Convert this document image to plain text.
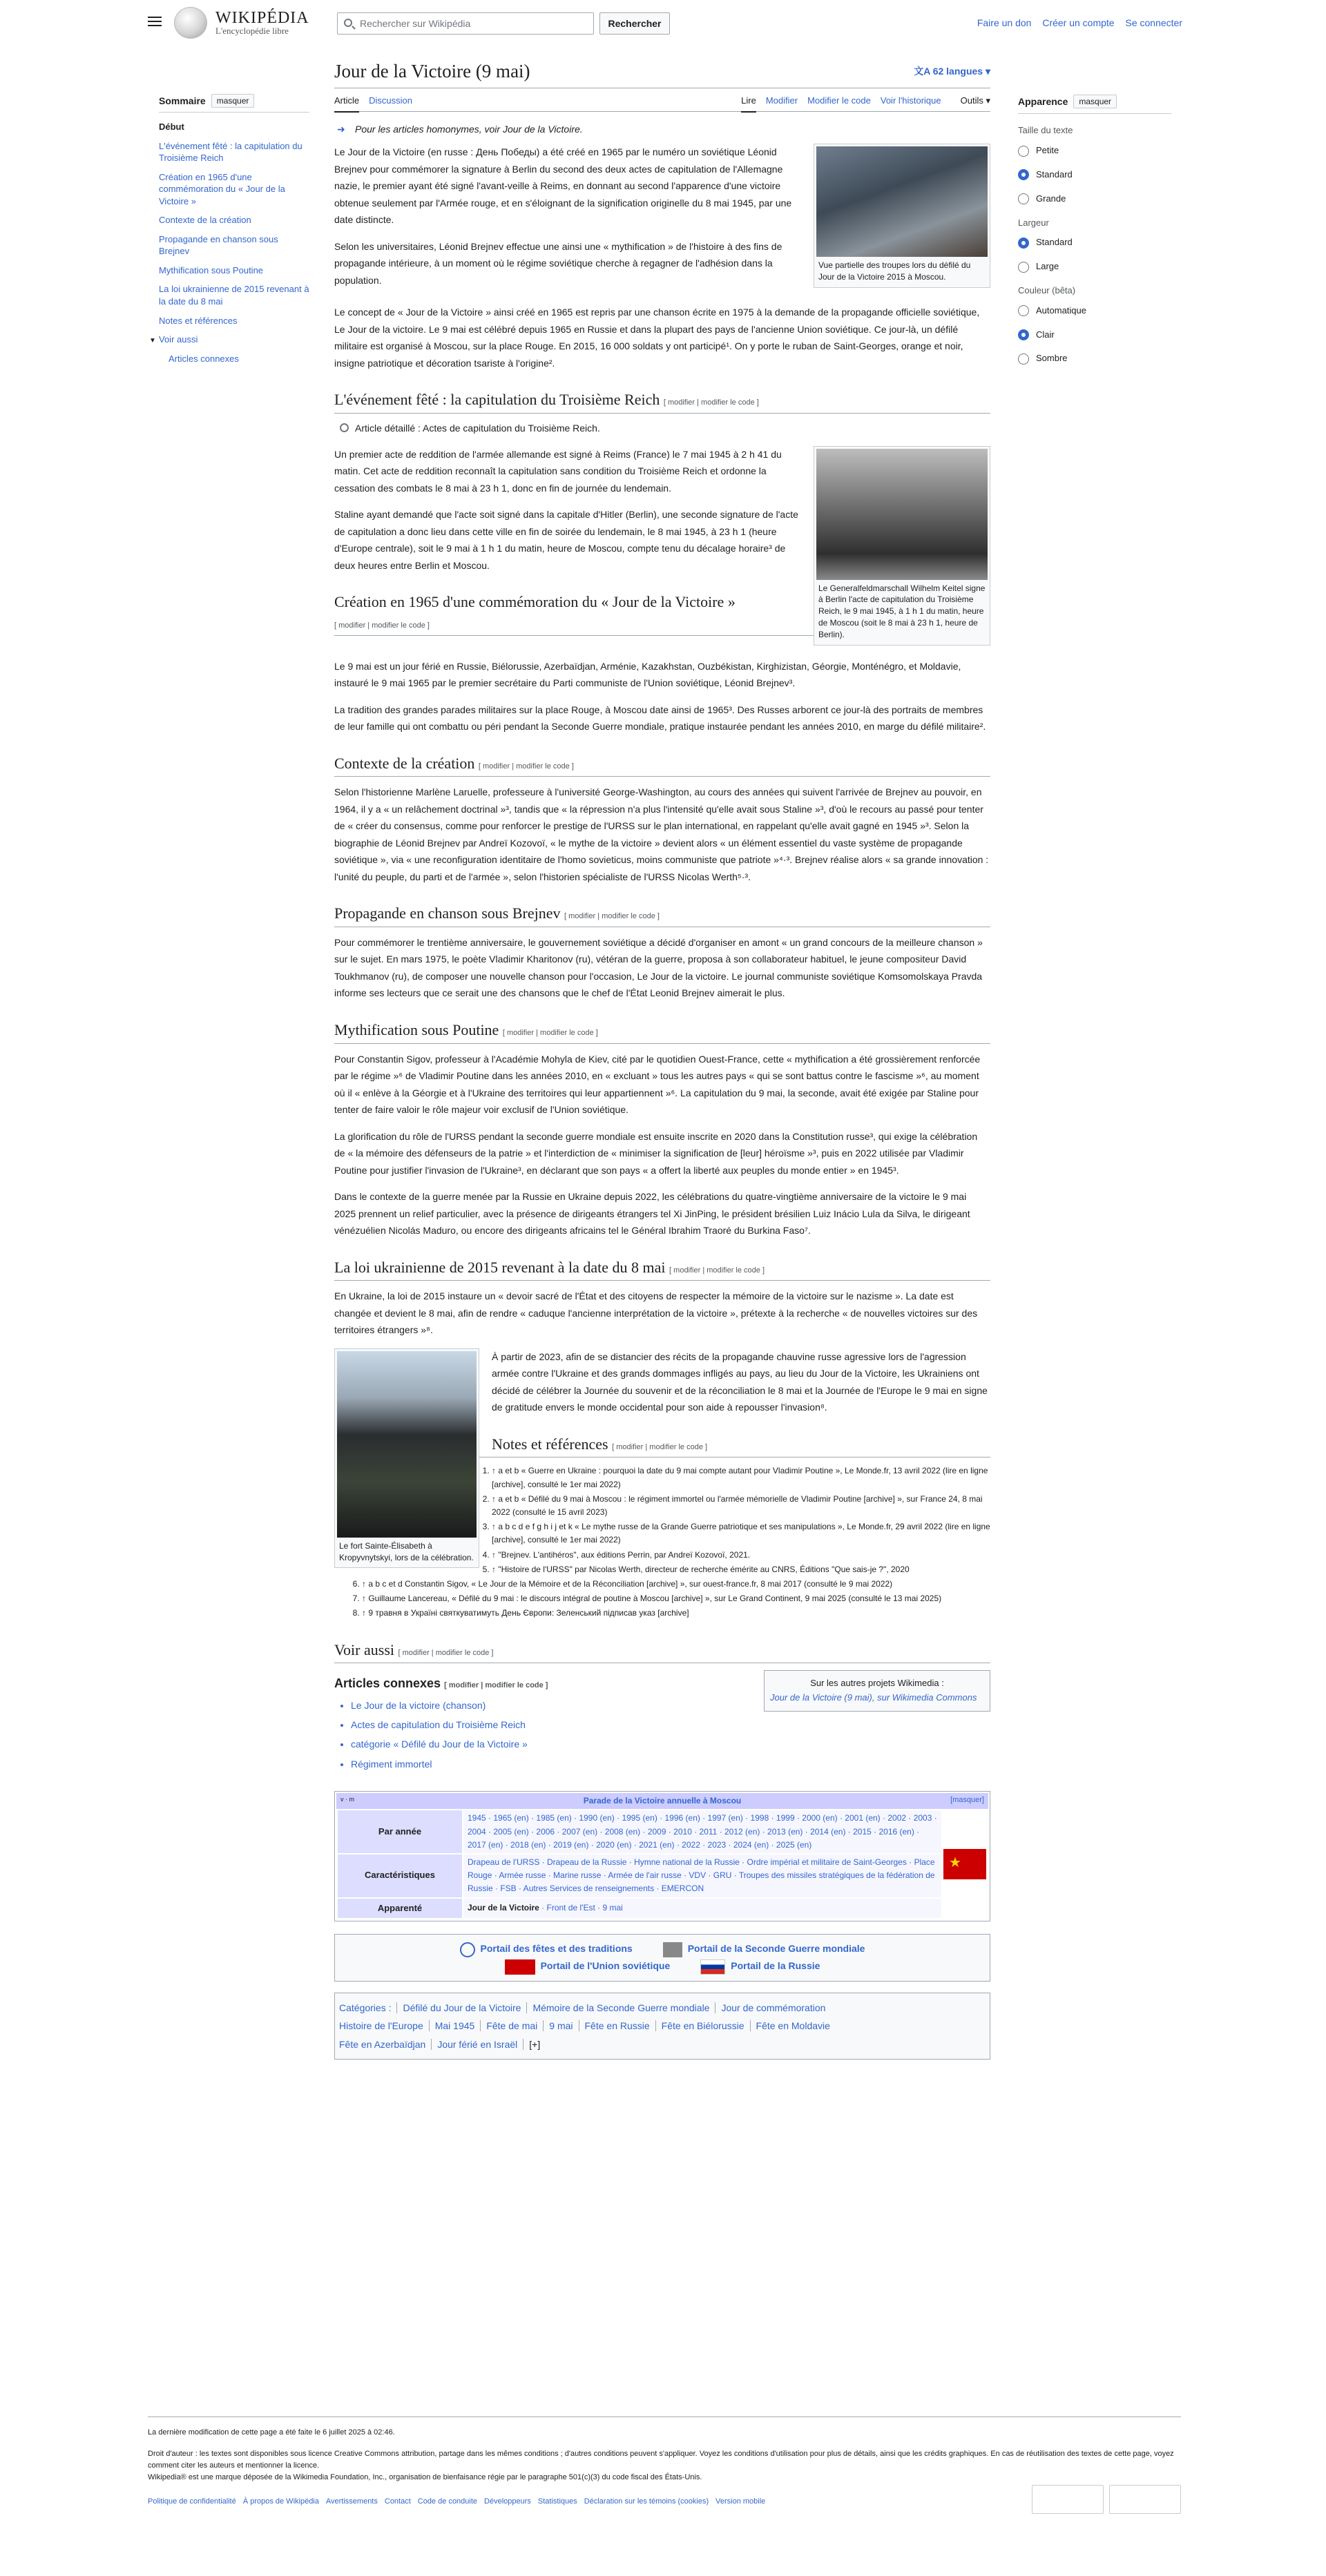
WIKIPÉDIA
L'encyclopédie libre
Rechercher sur Wikipédia	Rechercher	Faire un don Créer un compte Se connecter
Sommaire	masquer
Début
L'événement fêté : la capitulation du Troisième Reich
Création en 1965 d'une commémoration du « Jour de la Victoire »
Contexte de la création
Propagande en chanson sous Brejnev
Mythification sous Poutine
La loi ukrainienne de 2015 revenant à la date du 8 mai
Notes et références
▼ Voir aussi
Articles connexes
Apparence	masquer
Taille du texte
Petite
Standard
Grande
Largeur
Standard
Large
Couleur (bêta)
Automatique
Clair
Sombre
Jour de la Victoire (9 mai)	文A 62 langues ▾
Article Discussion	Lire Modifier Modifier le code Voir l'historique Outils ▾
➜ Pour les articles homonymes, voir Jour de la Victoire.
Vue partielle des troupes lors du défilé du Jour de la Victoire 2015 à Moscou.

Le Jour de la Victoire (en russe : День Победы) a été créé en 1965 par le numéro un soviétique Léonid Brejnev pour commémorer la signature à Berlin du second des deux actes de capitulation de l'Allemagne nazie, le premier ayant été signé l'avant-veille à Reims, en donnant au second l'apparence d'une victoire obtenue seulement par l'Armée rouge, et en s'éloignant de la signification originelle du 8 mai 1945, par une date distincte.

Selon les universitaires, Léonid Brejnev effectue une ainsi une « mythification » de l'histoire à des fins de propagande intérieure, à un moment où le régime soviétique cherche à regagner de l'adhésion dans la population.

Le concept de « Jour de la Victoire » ainsi créé en 1965 est repris par une chanson écrite en 1975 à la demande de la propagande officielle soviétique, Le Jour de la victoire. Le 9 mai est célébré depuis 1965 en Russie et dans la plupart des pays de l'ancienne Union soviétique. Ce jour-là, un défilé militaire est organisé à Moscou, sur la place Rouge. En 2015, 16 000 soldats y ont participé¹. On y porte le ruban de Saint-Georges, orange et noir, insigne patriotique et décoration tsariste à l'origine².

L'événement fêté : la capitulation du Troisième Reich [ modifier | modifier le code ]
Article détaillé : Actes de capitulation du Troisième Reich.
Le Generalfeldmarschall Wilhelm Keitel signe à Berlin l'acte de capitulation du Troisième Reich, le 9 mai 1945, à 1 h 1 du matin, heure de Moscou (soit le 8 mai à 23 h 1, heure de Berlin).

Un premier acte de reddition de l'armée allemande est signé à Reims (France) le 7 mai 1945 à 2 h 41 du matin. Cet acte de reddition reconnaît la capitulation sans condition du Troisième Reich et ordonne la cessation des combats le 8 mai à 23 h 1, donc en fin de journée du lendemain.

Staline ayant demandé que l'acte soit signé dans la capitale d'Hitler (Berlin), une seconde signature de l'acte de capitulation a donc lieu dans cette ville en fin de soirée du lendemain, le 8 mai 1945, à 23 h 1 (heure d'Europe centrale), soit le 9 mai à 1 h 1 du matin, heure de Moscou, compte tenu du décalage horaire³ de deux heures entre Berlin et Moscou.

Création en 1965 d'une commémoration du « Jour de la Victoire »
[ modifier | modifier le code ]

Le 9 mai est un jour férié en Russie, Biélorussie, Azerbaïdjan, Arménie, Kazakhstan, Ouzbékistan, Kirghizistan, Géorgie, Monténégro, et Moldavie, instauré le 9 mai 1965 par le premier secrétaire du Parti communiste de l'Union soviétique, Léonid Brejnev³.

La tradition des grandes parades militaires sur la place Rouge, à Moscou date ainsi de 1965³. Des Russes arborent ce jour-là des portraits de membres de leur famille qui ont combattu ou péri pendant la Seconde Guerre mondiale, pratique instaurée pendant les années 2010, en marge du défilé militaire².

Contexte de la création [ modifier | modifier le code ]

Selon l'historienne Marlène Laruelle, professeure à l'université George-Washington, au cours des années qui suivent l'arrivée de Brejnev au pouvoir, en 1964, il y a « un relâchement doctrinal »³, tandis que « la répression n'a plus l'intensité qu'elle avait sous Staline »³, d'où le recours au passé pour tenter de « créer du consensus, comme pour renforcer le prestige de l'URSS sur le plan international, en rappelant qu'elle avait gagné en 1945 »³. Selon la biographie de Léonid Brejnev par Andreï Kozovoï, « le mythe de la victoire » devient alors « un élément essentiel du vaste système de propagande soviétique », via « une reconfiguration identitaire de l'homo sovieticus, moins communiste que patriote »⁴·³. Brejnev réalise alors « sa grande innovation : l'unité du peuple, du parti et de l'armée », selon l'historien spécialiste de l'URSS Nicolas Werth⁵·³.

Propagande en chanson sous Brejnev [ modifier | modifier le code ]

Pour commémorer le trentième anniversaire, le gouvernement soviétique a décidé d'organiser en amont « un grand concours de la meilleure chanson » sur le sujet. En mars 1975, le poète Vladimir Kharitonov (ru), vétéran de la guerre, proposa à son collaborateur habituel, le jeune compositeur David Toukhmanov (ru), de composer une nouvelle chanson pour l'occasion, Le Jour de la victoire. Le journal communiste soviétique Komsomolskaya Pravda informe ses lecteurs que ce serait une des chansons que le chef de l'État Leonid Brejnev aimerait le plus.

Mythification sous Poutine [ modifier | modifier le code ]

Pour Constantin Sigov, professeur à l'Académie Mohyla de Kiev, cité par le quotidien Ouest-France, cette « mythification a été grossièrement renforcée par le régime »⁶ de Vladimir Poutine dans les années 2010, en « excluant » tous les autres pays « qui se sont battus contre le fascisme »⁶, au moment où il « enlève à la Géorgie et à l'Ukraine des territoires qui leur appartiennent »⁶. La capitulation du 9 mai, la seconde, avait été exigée par Staline pour tenter de faire valoir le rôle majeur voir exclusif de l'Union soviétique.

La glorification du rôle de l'URSS pendant la seconde guerre mondiale est ensuite inscrite en 2020 dans la Constitution russe³, qui exige la célébration de « la mémoire des défenseurs de la patrie » et l'interdiction de « minimiser la signification de [leur] héroïsme »³, puis en 2022 utilisée par Vladimir Poutine pour justifier l'invasion de l'Ukraine³, en déclarant que son pays « a offert la liberté aux peuples du monde entier » en 1945³.

Dans le contexte de la guerre menée par la Russie en Ukraine depuis 2022, les célébrations du quatre-vingtième anniversaire de la victoire le 9 mai 2025 prennent un relief particulier, avec la présence de dirigeants étrangers tel Xi JinPing, le président brésilien Luiz Inácio Lula da Silva, le dirigeant vénézuélien Nicolás Maduro, ou encore des dirigeants africains tel le Général Ibrahim Traoré du Burkina Faso⁷.

La loi ukrainienne de 2015 revenant à la date du 8 mai [ modifier | modifier le code ]

En Ukraine, la loi de 2015 instaure un « devoir sacré de l'État et des citoyens de respecter la mémoire de la victoire sur le nazisme ». La date est changée et devient le 8 mai, afin de rendre « caduque l'ancienne interprétation de la victoire », prétexte à la recherche « de nouvelles victoires sur des territoires étrangers »⁸.

Le fort Sainte-Élisabeth à Kropyvnytskyi, lors de la célébration.

À partir de 2023, afin de se distancier des récits de la propagande chauvine russe agressive lors de l'agression armée contre l'Ukraine et des grands dommages infligés au pays, au lieu du Jour de la Victoire, les Ukrainiens ont décidé de célébrer la Journée du souvenir et de la réconciliation le 8 mai et la Journée de l'Europe le 9 mai en signe de gratitude envers le monde occidental pour son aide à repousser l'invasion⁸.

Notes et références [ modifier | modifier le code ]
1. ↑ a et b « Guerre en Ukraine : pourquoi la date du 9 mai compte autant pour Vladimir Poutine », Le Monde.fr, 13 avril 2022 (lire en ligne [archive], consulté le 1er mai 2022)
2. ↑ a et b « Défilé du 9 mai à Moscou : le régiment immortel ou l'armée mémorielle de Vladimir Poutine [archive] », sur France 24, 8 mai 2022 (consulté le 15 avril 2023)
3. ↑ a b c d e f g h i j et k « Le mythe russe de la Grande Guerre patriotique et ses manipulations », Le Monde.fr, 29 avril 2022 (lire en ligne [archive], consulté le 1er mai 2022)
4. ↑ "Brejnev. L'antihéros", aux éditions Perrin, par Andreï Kozovoï, 2021.
5. ↑ "Histoire de l'URSS" par Nicolas Werth, directeur de recherche émérite au CNRS, Éditions "Que sais-je ?", 2020
6. ↑ a b c et d Constantin Sigov, « Le Jour de la Mémoire et de la Réconciliation [archive] », sur ouest-france.fr, 8 mai 2017 (consulté le 9 mai 2022)
7. ↑ Guillaume Lancereau, « Défilé du 9 mai : le discours intégral de poutine à Moscou [archive] », sur Le Grand Continent, 9 mai 2025 (consulté le 13 mai 2025)
8. ↑ 9 травня в Україні святкуватимуть День Європи: Зеленський підписав указ [archive]
Voir aussi [ modifier | modifier le code ]
Sur les autres projets Wikimedia :
Jour de la Victoire (9 mai), sur Wikimedia Commons
Articles connexes [ modifier | modifier le code ]
• Le Jour de la victoire (chanson)
• Actes de capitulation du Troisième Reich
• catégorie « Défilé du Jour de la Victoire »
• Régiment immortel
v · m	Parade de la Victoire annuelle à Moscou	[masquer]
Par année	1945 · 1965 (en) · 1985 (en) · 1990 (en) · 1995 (en) · 1996 (en) · 1997 (en) · 1998 · 1999 · 2000 (en) · 2001 (en) · 2002 · 2003 · 2004 · 2005 (en) · 2006 · 2007 (en) · 2008 (en) · 2009 · 2010 · 2011 · 2012 (en) · 2013 (en) · 2014 (en) · 2015 · 2016 (en) · 2017 (en) · 2018 (en) · 2019 (en) · 2020 (en) · 2021 (en) · 2022 · 2023 · 2024 (en) · 2025 (en)	★
Caractéristiques	Drapeau de l'URSS · Drapeau de la Russie · Hymne national de la Russie · Ordre impérial et militaire de Saint-Georges · Place Rouge · Armée russe · Marine russe · Armée de l'air russe · VDV · GRU · Troupes des missiles stratégiques de la fédération de Russie · FSB · Autres Services de renseignements · EMERCON	
Apparenté	Jour de la Victoire · Front de l'Est · 9 mai	
Portail des fêtes et des traditions	Portail de la Seconde Guerre mondiale
Portail de l'Union soviétique	Portail de la Russie
Catégories : Défilé du Jour de la Victoire Mémoire de la Seconde Guerre mondiale Jour de commémoration
Histoire de l'Europe Mai 1945 Fête de mai 9 mai Fête en Russie Fête en Biélorussie Fête en Moldavie
Fête en Azerbaïdjan Jour férié en Israël [+]
La dernière modification de cette page a été faite le 6 juillet 2025 à 02:46.
Droit d'auteur : les textes sont disponibles sous licence Creative Commons attribution, partage dans les mêmes conditions ; d'autres conditions peuvent s'appliquer. Voyez les conditions d'utilisation pour plus de détails, ainsi que les crédits graphiques. En cas de réutilisation des textes de cette page, voyez comment citer les auteurs et mentionner la licence.
Wikipedia® est une marque déposée de la Wikimedia Foundation, Inc., organisation de bienfaisance régie par le paragraphe 501(c)(3) du code fiscal des États-Unis.
Politique de confidentialité À propos de Wikipédia Avertissements Contact Code de conduite Développeurs Statistiques Déclaration sur les témoins (cookies) Version mobile
